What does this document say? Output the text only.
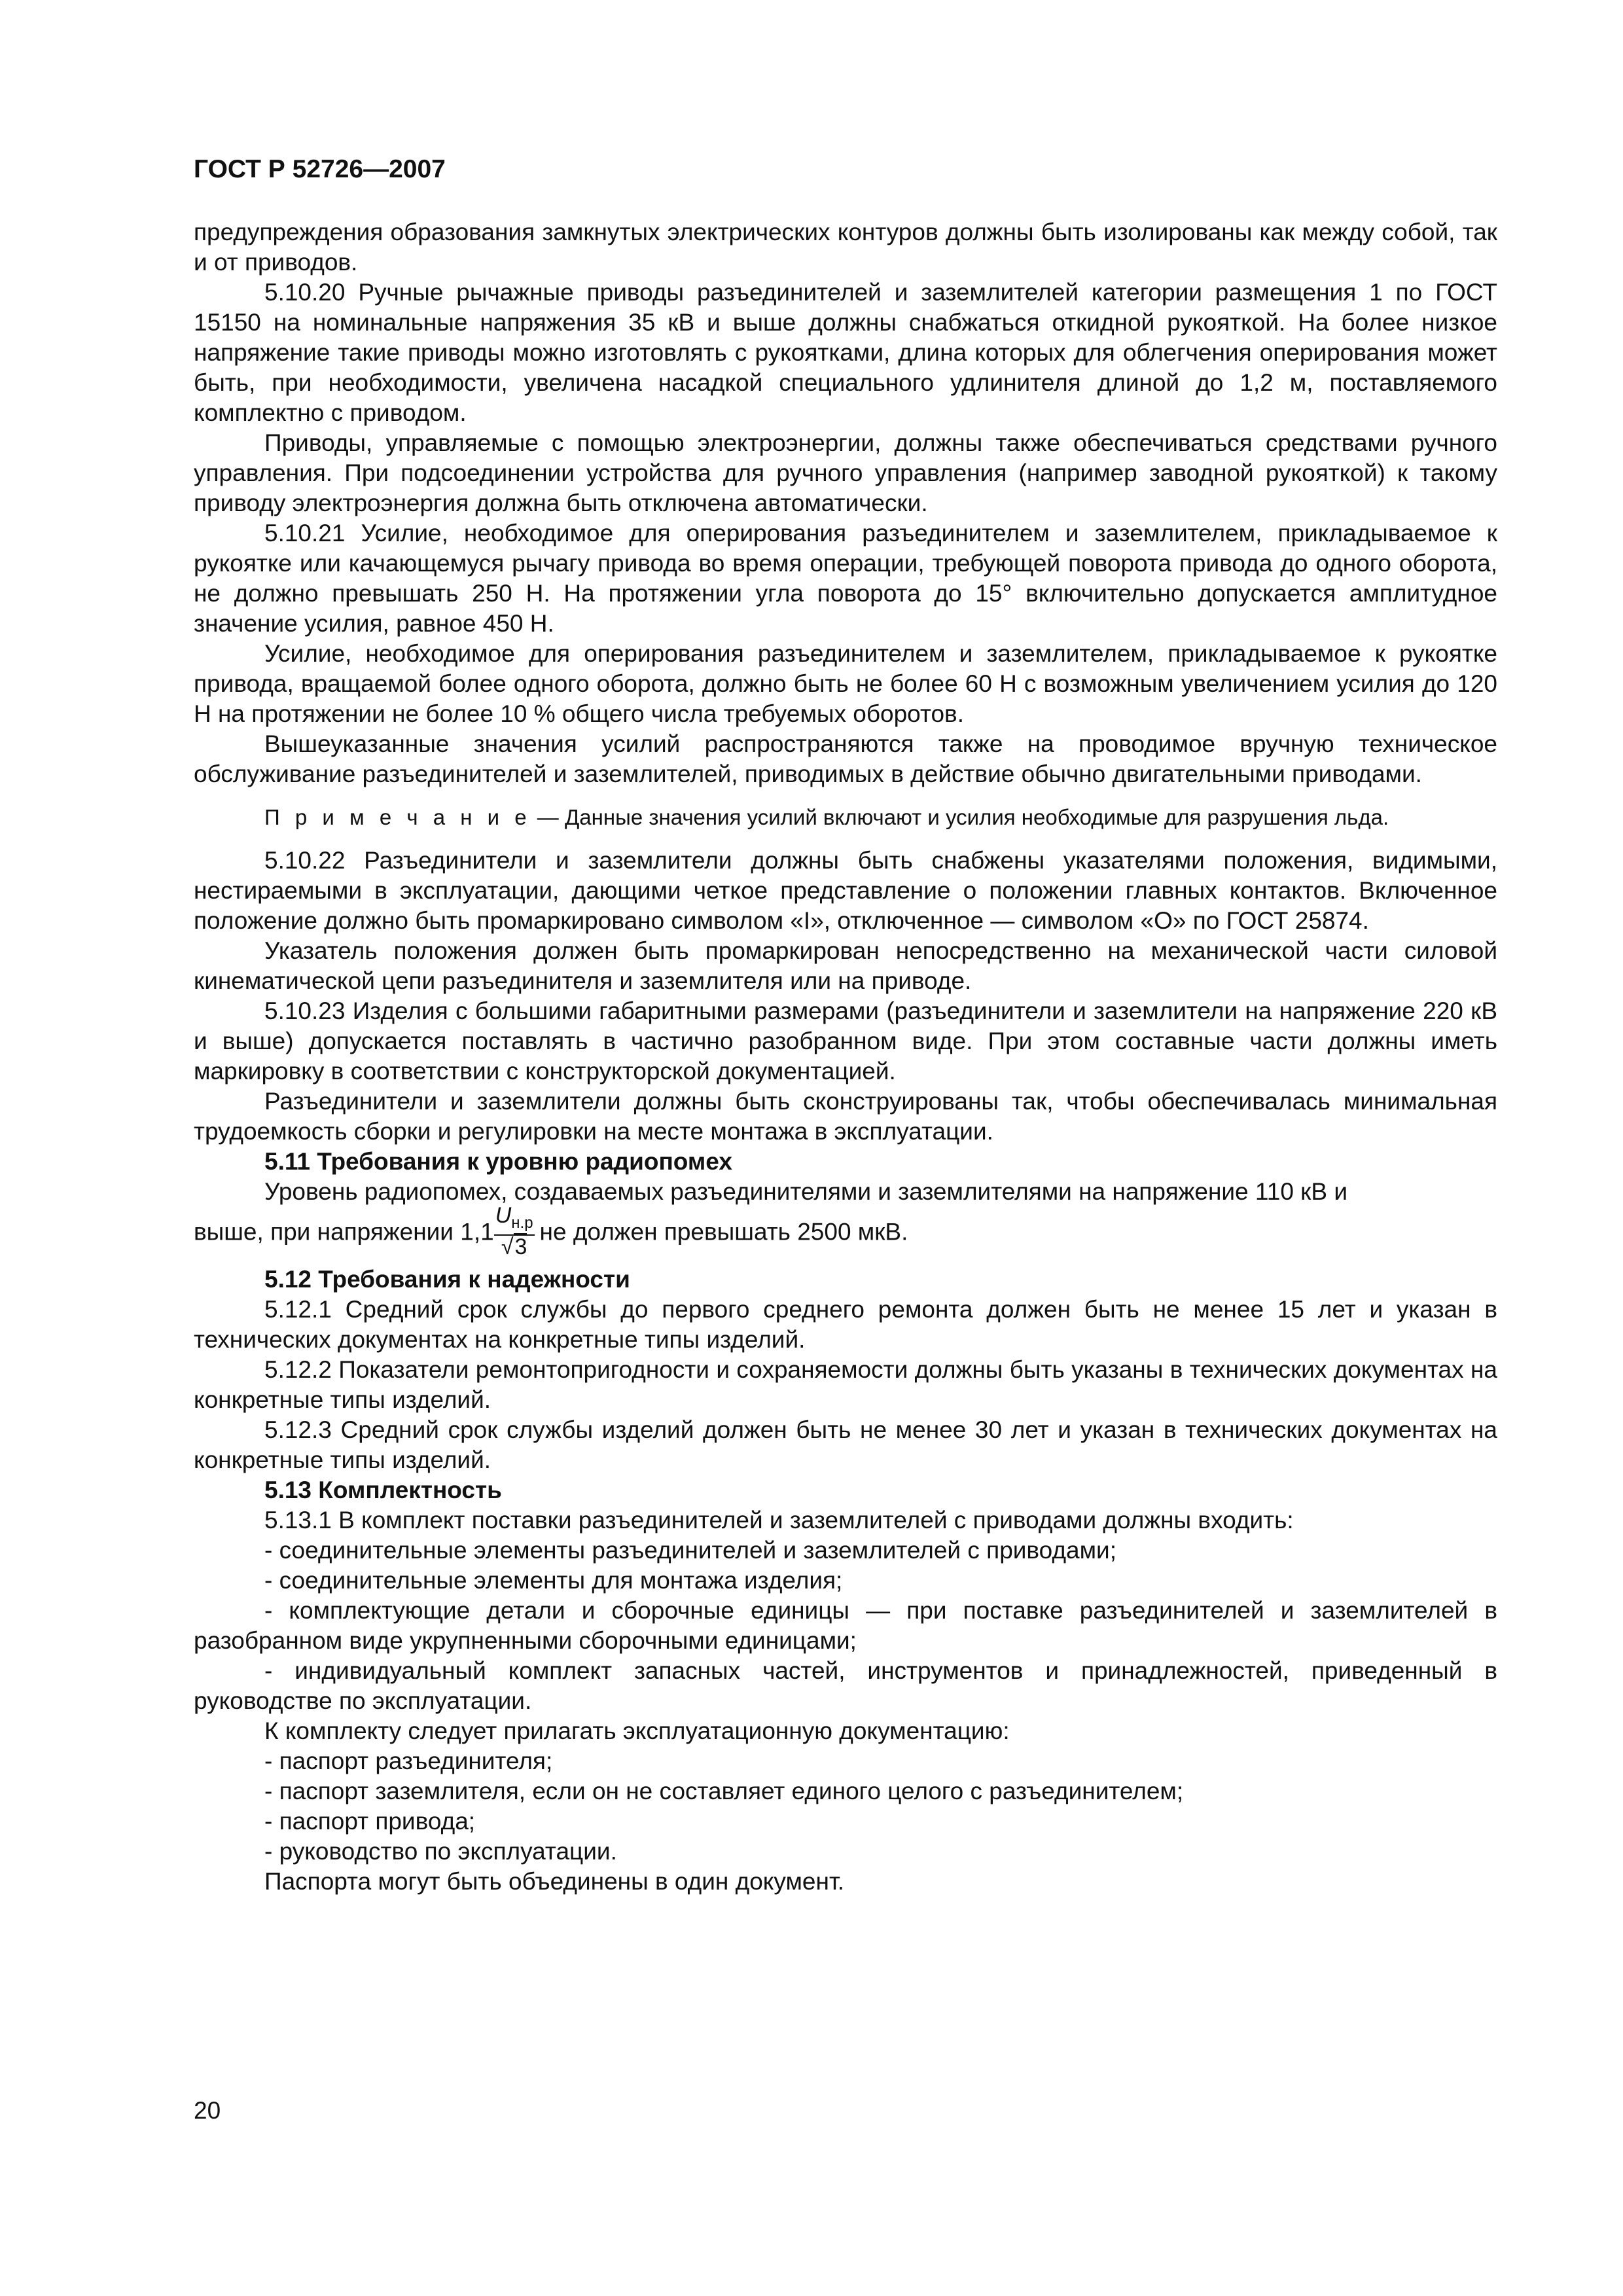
ГОСТ Р 52726—2007

предупреждения образования замкнутых электрических контуров должны быть изолированы как между собой, так и от приводов.

5.10.20 Ручные рычажные приводы разъединителей и заземлителей категории размещения 1 по ГОСТ 15150 на номинальные напряжения 35 кВ и выше должны снабжаться откидной рукояткой. На более низкое напряжение такие приводы можно изготовлять с рукоятками, длина которых для облегчения оперирования может быть, при необходимости, увеличена насадкой специального удлинителя длиной до 1,2 м, поставляемого комплектно с приводом.

Приводы, управляемые с помощью электроэнергии, должны также обеспечиваться средствами ручного управления. При подсоединении устройства для ручного управления (например заводной рукояткой) к такому приводу электроэнергия должна быть отключена автоматически.

5.10.21 Усилие, необходимое для оперирования разъединителем и заземлителем, прикладываемое к рукоятке или качающемуся рычагу привода во время операции, требующей поворота привода до одного оборота, не должно превышать 250 Н. На протяжении угла поворота до 15° включительно допускается амплитудное значение усилия, равное 450 Н.

Усилие, необходимое для оперирования разъединителем и заземлителем, прикладываемое к рукоятке привода, вращаемой более одного оборота, должно быть не более 60 Н с возможным увеличением усилия до 120 Н на протяжении не более 10 % общего числа требуемых оборотов.

Вышеуказанные значения усилий распространяются также на проводимое вручную техническое обслуживание разъединителей и заземлителей, приводимых в действие обычно двигательными приводами.

П р и м е ч а н и е — Данные значения усилий включают и усилия необходимые для разрушения льда.

5.10.22 Разъединители и заземлители должны быть снабжены указателями положения, видимыми, нестираемыми в эксплуатации, дающими четкое представление о положении главных контактов. Включенное положение должно быть промаркировано символом «I», отключенное — символом «О» по ГОСТ 25874.

Указатель положения должен быть промаркирован непосредственно на механической части силовой кинематической цепи разъединителя и заземлителя или на приводе.

5.10.23 Изделия с большими габаритными размерами (разъединители и заземлители на напряжение 220 кВ и выше) допускается поставлять в частично разобранном виде. При этом составные части должны иметь маркировку в соответствии с конструкторской документацией.

Разъединители и заземлители должны быть сконструированы так, чтобы обеспечивалась минимальная трудоемкость сборки и регулировки на месте монтажа в эксплуатации.

5.11 Требования к уровню радиопомех

Уровень радиопомех, создаваемых разъединителями и заземлителями на напряжение 110 кВ и

выше, при напряжении $1,1 \frac{U_{н.р}}{√3}$ не должен превышать 2500 мкВ.

5.12 Требования к надежности

5.12.1 Средний срок службы до первого среднего ремонта должен быть не менее 15 лет и указан в технических документах на конкретные типы изделий.

5.12.2 Показатели ремонтопригодности и сохраняемости должны быть указаны в технических документах на конкретные типы изделий.

5.12.3 Средний срок службы изделий должен быть не менее 30 лет и указан в технических документах на конкретные типы изделий.

5.13 Комплектность

5.13.1 В комплект поставки разъединителей и заземлителей с приводами должны входить:

- соединительные элементы разъединителей и заземлителей с приводами;

- соединительные элементы для монтажа изделия;

- комплектующие детали и сборочные единицы — при поставке разъединителей и заземлителей в разобранном виде укрупненными сборочными единицами;

- индивидуальный комплект запасных частей, инструментов и принадлежностей, приведенный в руководстве по эксплуатации.

К комплекту следует прилагать эксплуатационную документацию:

- паспорт разъединителя;

- паспорт заземлителя, если он не составляет единого целого с разъединителем;

- паспорт привода;

- руководство по эксплуатации.

Паспорта могут быть объединены в один документ.

20
